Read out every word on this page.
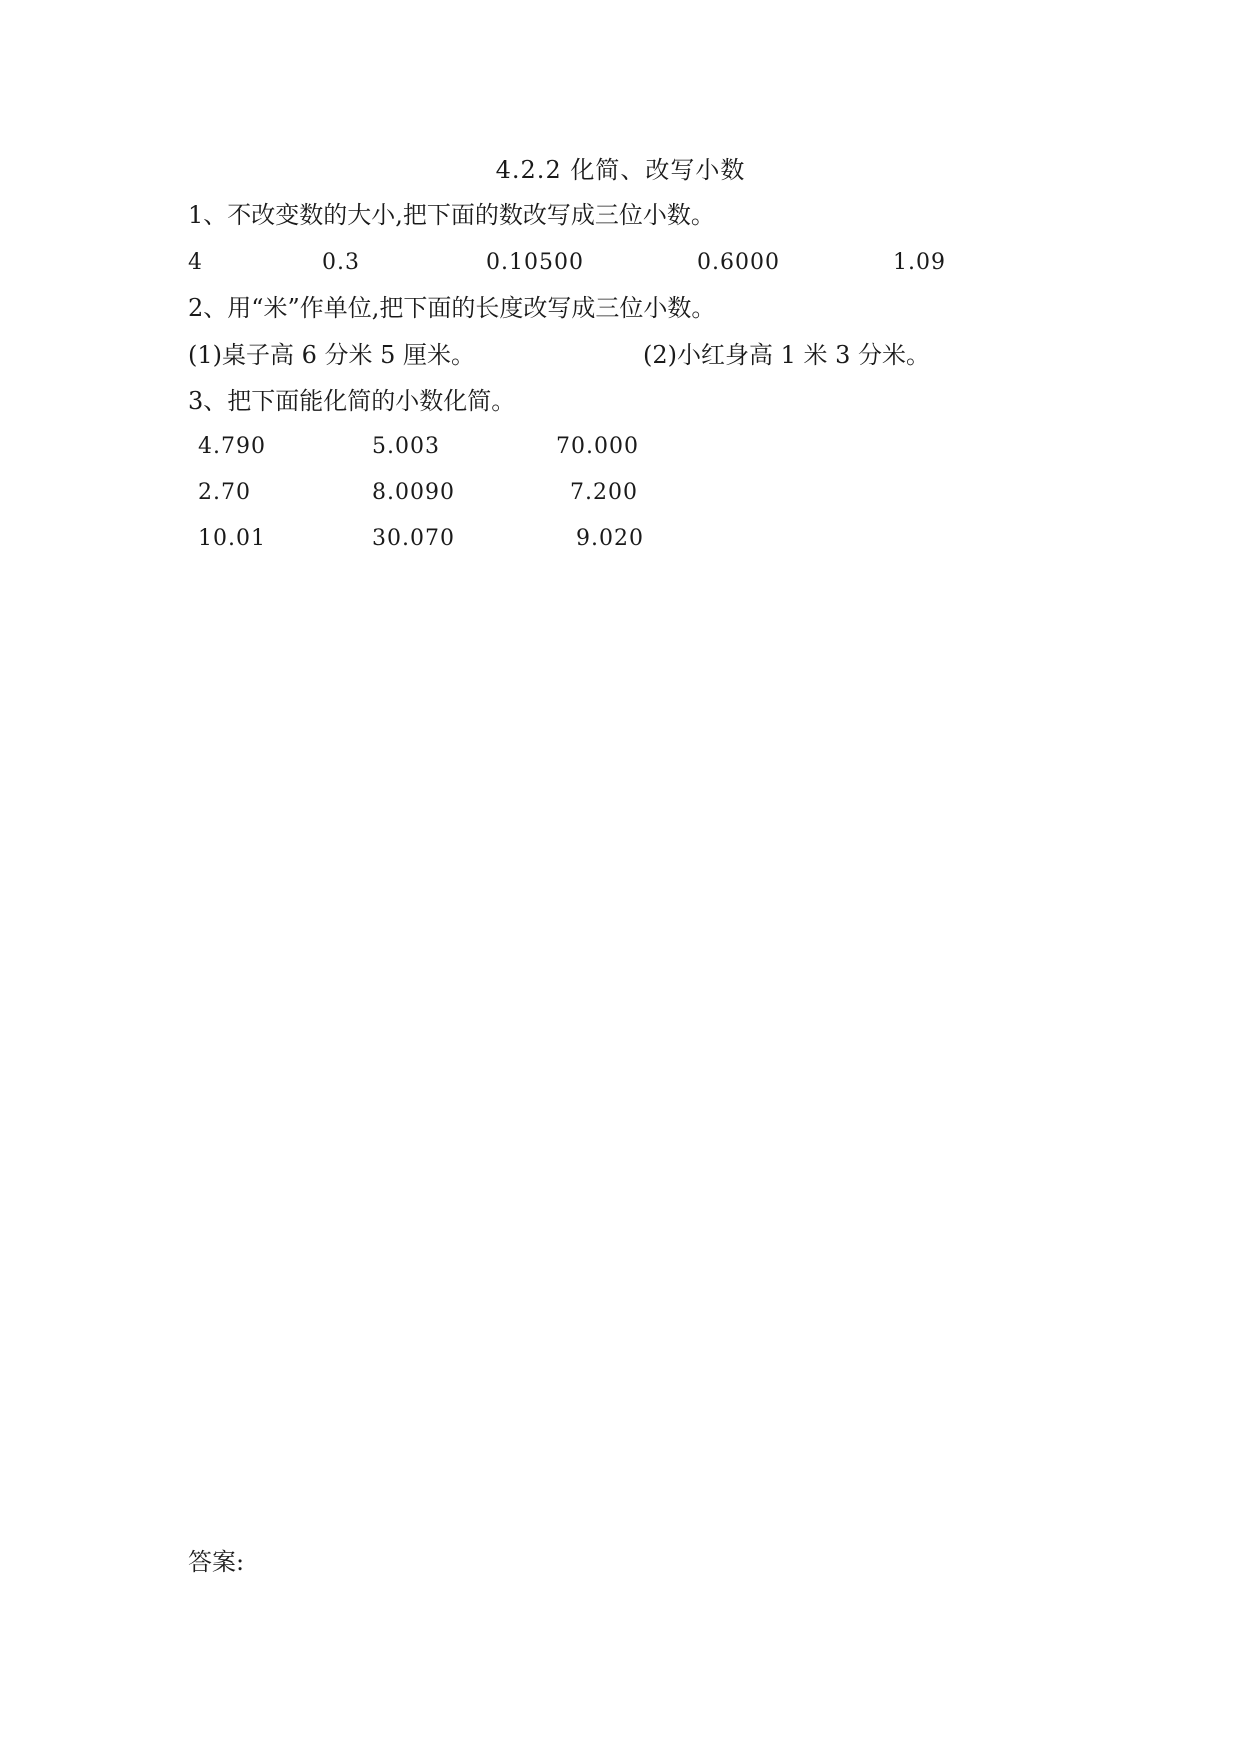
4.2.2 化简、改写小数
1、不改变数的大小,把下面的数改写成三位小数。
4	0.3	0.10500	0.6000	1.09
2、用“米”作单位,把下面的长度改写成三位小数。
(1)桌子高 6 分米 5 厘米。	(2)小红身高 1 米 3 分米。
3、把下面能化简的小数化简。
4.790	5.003	70.000
2.70	8.0090	7.200
10.01	30.070	9.020
答案:
